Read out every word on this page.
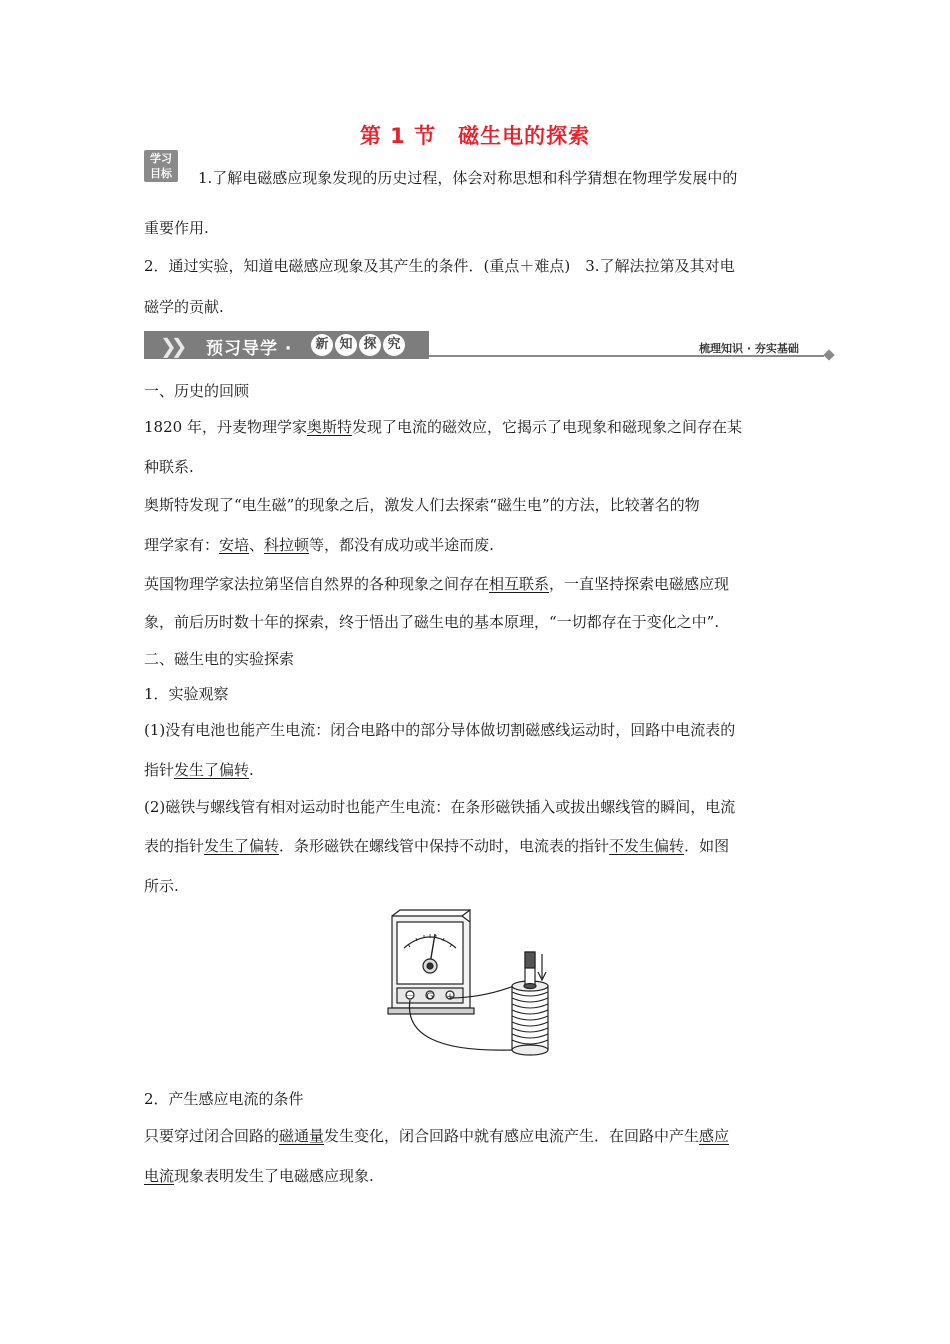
第 1 节　磁生电的探索
学习
目标	1.了解电磁感应现象发现的历史过程，体会对称思想和科学猜想在物理学发展中的
重要作用.
2．通过实验，知道电磁感应现象及其产生的条件．(重点＋难点)　3.了解法拉第及其对电
磁学的贡献.
❯❯ 预习导学 ·	新 知 探 究	梳理知识 · 夯实基础
一、历史的回顾
1820 年，丹麦物理学家奥斯特发现了电流的磁效应，它揭示了电现象和磁现象之间存在某
种联系.
奥斯特发现了“电生磁”的现象之后，激发人们去探索“磁生电”的方法，比较著名的物
理学家有：安培、科拉顿等，都没有成功或半途而废.
英国物理学家法拉第坚信自然界的各种现象之间存在相互联系，一直坚持探索电磁感应现
象，前后历时数十年的探索，终于悟出了磁生电的基本原理，“一切都存在于变化之中”.
二、磁生电的实验探索
1．实验观察
(1)没有电池也能产生电流：闭合电路中的部分导体做切割磁感线运动时，回路中电流表的
指针发生了偏转.
(2)磁铁与螺线管有相对运动时也能产生电流：在条形磁铁插入或拔出螺线管的瞬间，电流
表的指针发生了偏转．条形磁铁在螺线管中保持不动时，电流表的指针不发生偏转．如图
所示.
－ G +
2．产生感应电流的条件
只要穿过闭合回路的磁通量发生变化，闭合回路中就有感应电流产生．在回路中产生感应
电流现象表明发生了电磁感应现象.
